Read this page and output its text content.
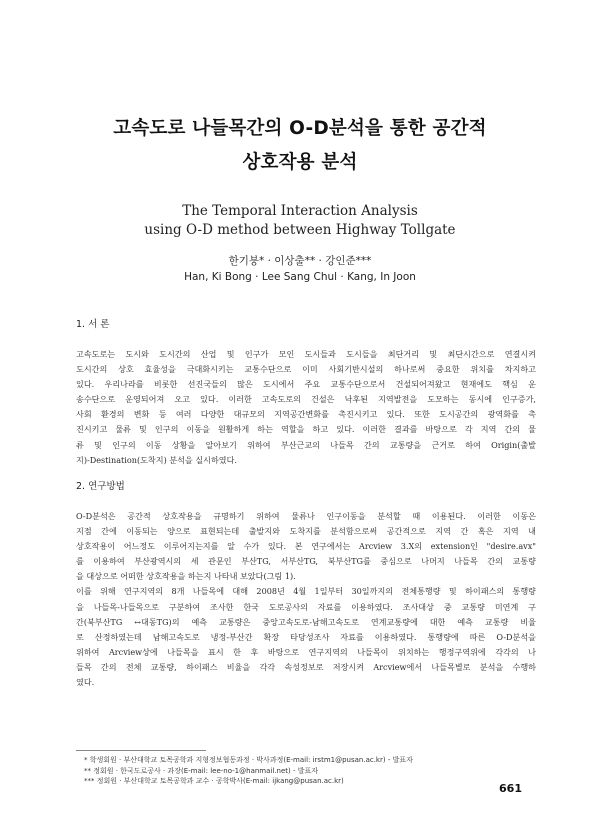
고속도로 나들목간의 O-D분석을 통한 공간적
상호작용 분석
The Temporal Interaction Analysis
using O-D method between Highway Tollgate
한기붕* · 이상출** · 강인준***
Han, Ki Bong · Lee Sang Chul · Kang, In Joon
1. 서 론
고속도로는 도시와 도시간의 산업 및 인구가 모인 도시들과 도시들을 최단거리 및 최단시간으로 연결시켜
도시간의 상호 효율성을 극대화시키는 교통수단으로 이미 사회기반시설의 하나로써 중요한 위치를 차지하고
있다. 우리나라를 비롯한 선진국들의 많은 도시에서 주요 교통수단으로서 건설되어져왔고 현재에도 핵심 운
송수단으로 운영되어져 오고 있다. 이러한 고속도로의 건설은 낙후된 지역발전을 도모하는 동시에 인구증가,
사회 환경의 변화 등 여러 다양한 대규모의 지역공간변화를 촉진시키고 있다. 또한 도시공간의 광역화를 촉
진시키고 물류 및 인구의 이동을 원활하게 하는 역할을 하고 있다. 이러한 결과를 바탕으로 각 지역 간의 물
류 및 인구의 이동 상황을 알아보기 위하여 부산근교의 나들목 간의 교통량을 근거로 하여 Origin(출발
지)-Destination(도착지) 분석을 실시하였다.
2. 연구방법
O-D분석은 공간적 상호작용을 규명하기 위하여 물류나 인구이동을 분석할 때 이용된다. 이러한 이동은
지점 간에 이동되는 양으로 표현되는데 출발지와 도착지를 분석함으로써 공간적으로 지역 간 혹은 지역 내
상호작용이 어느정도 이루어지는지를 알 수가 있다. 본 연구에서는 Arcview 3.X의 extension인 "desire.avx"
를 이용하여 부산광역시의 세 관문인 부산TG, 서부산TG, 북부산TG를 중심으로 나머지 나들목 간의 교통량
을 대상으로 어떠한 상호작용을 하는지 나타내 보았다(그림 1).
이를 위해 연구지역의 8개 나들목에 대해 2008년 4월 1일부터 30일까지의 전체통행량 및 하이패스의 통행량
을 나들목-나들목으로 구분하여 조사한 한국 도로공사의 자료를 이용하였다. 조사대상 중 교통량 미연계 구
간(북부산TG ↔대동TG)의 예측 교통량은 중앙고속도로-남해고속도로 연계교통량에 대한 예측 교통량 비율
로 산정하였는데 남해고속도로 냉정-부산간 확장 타당성조사 자료를 이용하였다. 통행량에 따른 O-D분석을
위하여 Arcview상에 나들목을 표시 한 후 바탕으로 연구지역의 나들목이 위치하는 행정구역위에 각각의 나
들목 간의 전체 교통량, 하이패스 비율을 각각 속성정보로 저장시켜 Arcview에서 나들목별로 분석을 수행하
였다.
* 학생회원 · 부산대학교 토목공학과 지형정보협동과정 · 박사과정(E-mail: irstm1@pusan.ac.kr) - 발표자
** 정회원 · 한국도로공사 · 과장(E-mail: lee-no-1@hanmail.net) - 발표자
*** 정회원 · 부산대학교 토목공학과 교수 · 공학박사(E-mail: ijkang@pusan.ac.kr)
661
